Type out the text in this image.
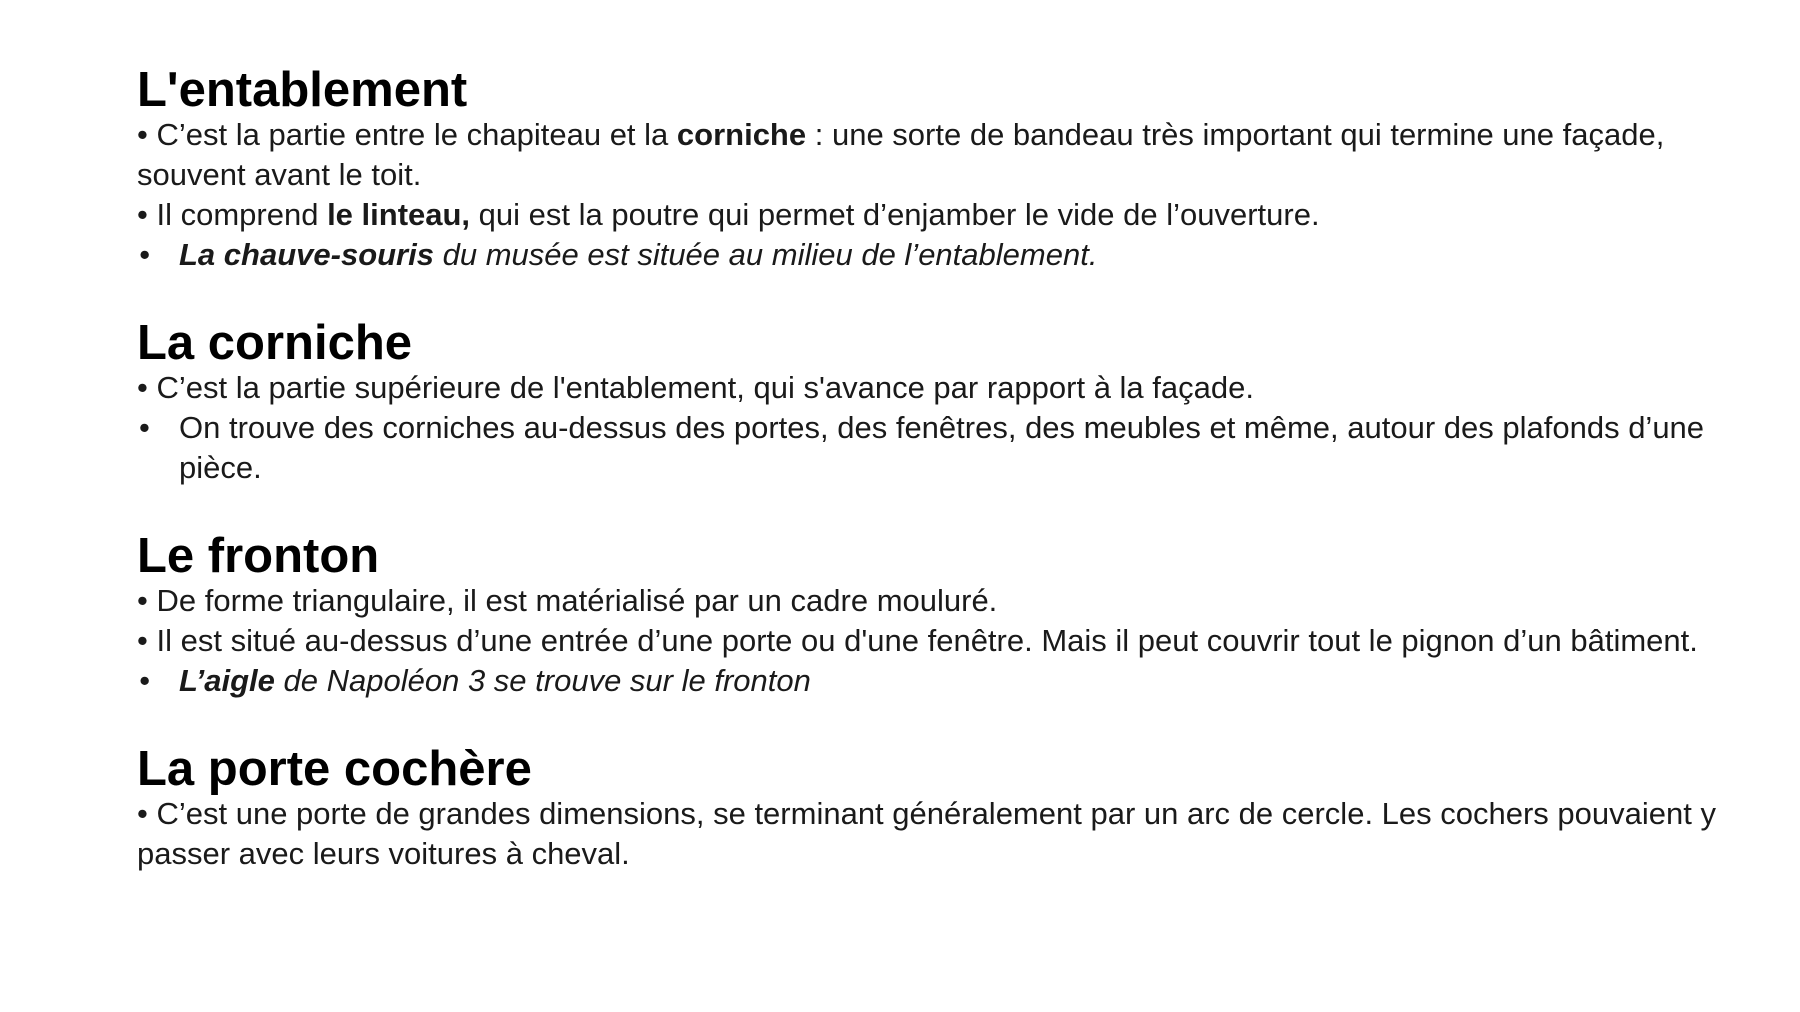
L'entablement

• C’est la partie entre le chapiteau et la corniche : une sorte de bandeau très important qui termine une façade, souvent avant le toit.

• Il comprend le linteau, qui est la poutre qui permet d’enjamber le vide de l’ouverture.

• La chauve-souris du musée est située au milieu de l’entablement.

La corniche

• C’est la partie supérieure de l'entablement, qui s'avance par rapport à la façade.

• On trouve des corniches au-dessus des portes, des fenêtres, des meubles et même, autour des plafonds d’une pièce.

Le fronton

• De forme triangulaire, il est matérialisé par un cadre mouluré.

• Il est situé au-dessus d’une entrée d’une porte ou d'une fenêtre. Mais il peut couvrir tout le pignon d’un bâtiment.

• L’aigle de Napoléon 3 se trouve sur le fronton

La porte cochère

• C’est une porte de grandes dimensions, se terminant généralement par un arc de cercle. Les cochers pouvaient y passer avec leurs voitures à cheval.
